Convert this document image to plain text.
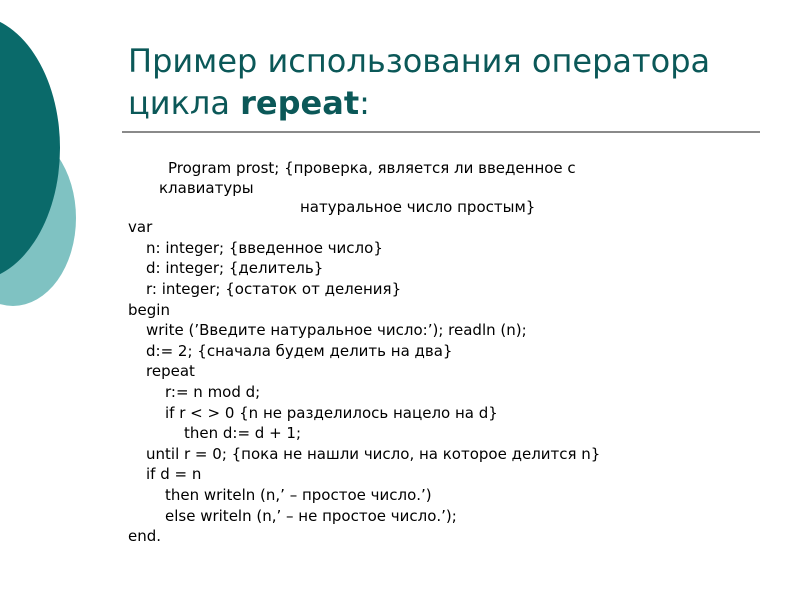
Пример использования оператора
цикла repeat:
Program prost; {проверка, является ли введенное с
клавиатуры
натуральное число простым}
var
n: integer; {введенное число}
d: integer; {делитель}
r: integer; {остаток от деления}
begin
write (’Введите натуральное число:’); readln (n);
d:= 2; {сначала будем делить на два}
repeat
r:= n mod d;
if r < > 0 {n не разделилось нацело на d}
then d:= d + 1;
until r = 0; {пока не нашли число, на которое делится n}
if d = n
then writeln (n,’ – простое число.’)
else writeln (n,’ – не простое число.’);
end.
